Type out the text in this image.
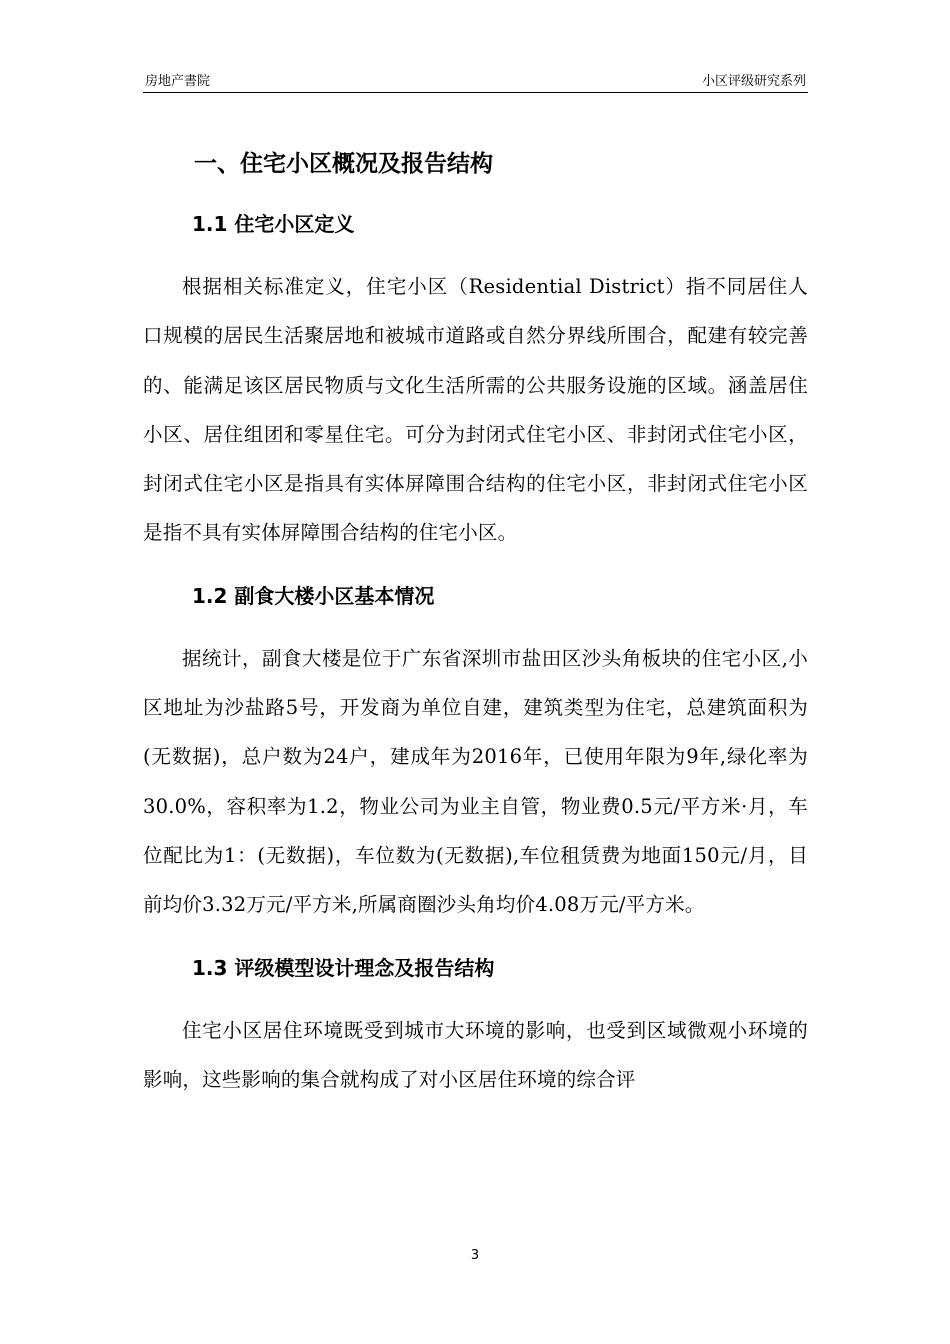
房地产書院	小区评级研究系列
一、住宅小区概况及报告结构
1.1 住宅小区定义

根据相关标准定义，住宅小区（Residential District）指不同居住人口规模的居民生活聚居地和被城市道路或自然分界线所围合，配建有较完善的、能满足该区居民物质与文化生活所需的公共服务设施的区域。涵盖居住小区、居住组团和零星住宅。可分为封闭式住宅小区、非封闭式住宅小区，封闭式住宅小区是指具有实体屏障围合结构的住宅小区，非封闭式住宅小区是指不具有实体屏障围合结构的住宅小区。

1.2 副食大楼小区基本情况

据统计，副食大楼是位于广东省深圳市盐田区沙头角板块的住宅小区,小区地址为沙盐路5号，开发商为单位自建，建筑类型为住宅，总建筑面积为(无数据)，总户数为24户，建成年为2016年，已使用年限为9年,绿化率为30.0%，容积率为1.2，物业公司为业主自管，物业费0.5元/平方米·月，车位配比为1：(无数据)，车位数为(无数据),车位租赁费为地面150元/月，目前均价3.32万元/平方米,所属商圈沙头角均价4.08万元/平方米。

1.3 评级模型设计理念及报告结构

住宅小区居住环境既受到城市大环境的影响，也受到区域微观小环境的影响，这些影响的集合就构成了对小区居住环境的综合评

3
